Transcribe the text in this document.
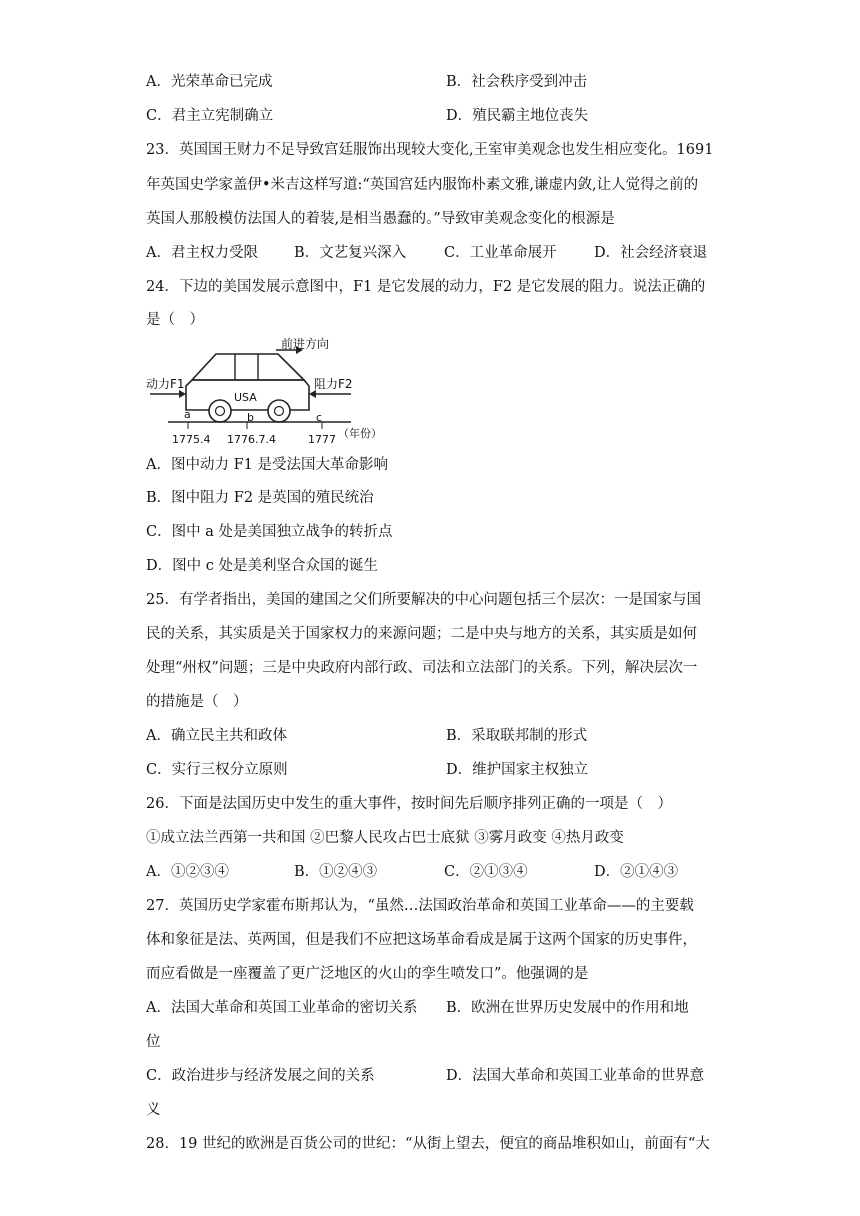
A．光荣革命已完成	B．社会秩序受到冲击
C．君主立宪制确立	D．殖民霸主地位丧失
23．英国国王财力不足导致宫廷服饰出现较大变化,王室审美观念也发生相应变化。1691
年英国史学家盖伊•米吉这样写道:“英国宫廷内服饰朴素文雅,谦虚内敛,让人觉得之前的
英国人那般模仿法国人的着装,是相当愚蠢的。”导致审美观念变化的根源是
A．君主权力受限 B．文艺复兴深入	C．工业革命展开	D．社会经济衰退
24．下边的美国发展示意图中，F1 是它发展的动力，F2 是它发展的阻力。说法正确的
是（　）
前进方向
动力F1	阻力F2
USA
a	b	c
1775.4 1776.7.4	1777 （年份）
A．图中动力 F1 是受法国大革命影响
B．图中阻力 F2 是英国的殖民统治
C．图中 a 处是美国独立战争的转折点
D．图中 c 处是美利坚合众国的诞生
25．有学者指出，美国的建国之父们所要解决的中心问题包括三个层次：一是国家与国
民的关系，其实质是关于国家权力的来源问题；二是中央与地方的关系，其实质是如何
处理“州权”问题；三是中央政府内部行政、司法和立法部门的关系。下列，解决层次一
的措施是（　）
A．确立民主共和政体	B．采取联邦制的形式
C．实行三权分立原则	D．维护国家主权独立
26．下面是法国历史中发生的重大事件，按时间先后顺序排列正确的一项是（　）
①成立法兰西第一共和国 ②巴黎人民攻占巴士底狱 ③雾月政变 ④热月政变
A．①②③④	B．①②④③	C．②①③④	D．②①④③
27．英国历史学家霍布斯邦认为，“虽然…法国政治革命和英国工业革命——的主要载
体和象征是法、英两国，但是我们不应把这场革命看成是属于这两个国家的历史事件，
而应看做是一座覆盖了更广泛地区的火山的孪生喷发口”。他强调的是
A．法国大革命和英国工业革命的密切关系 B．欧洲在世界历史发展中的作用和地
位
C．政治进步与经济发展之间的关系	D．法国大革命和英国工业革命的世界意
义
28．19 世纪的欧洲是百货公司的世纪：“从街上望去，便宜的商品堆积如山，前面有“大
